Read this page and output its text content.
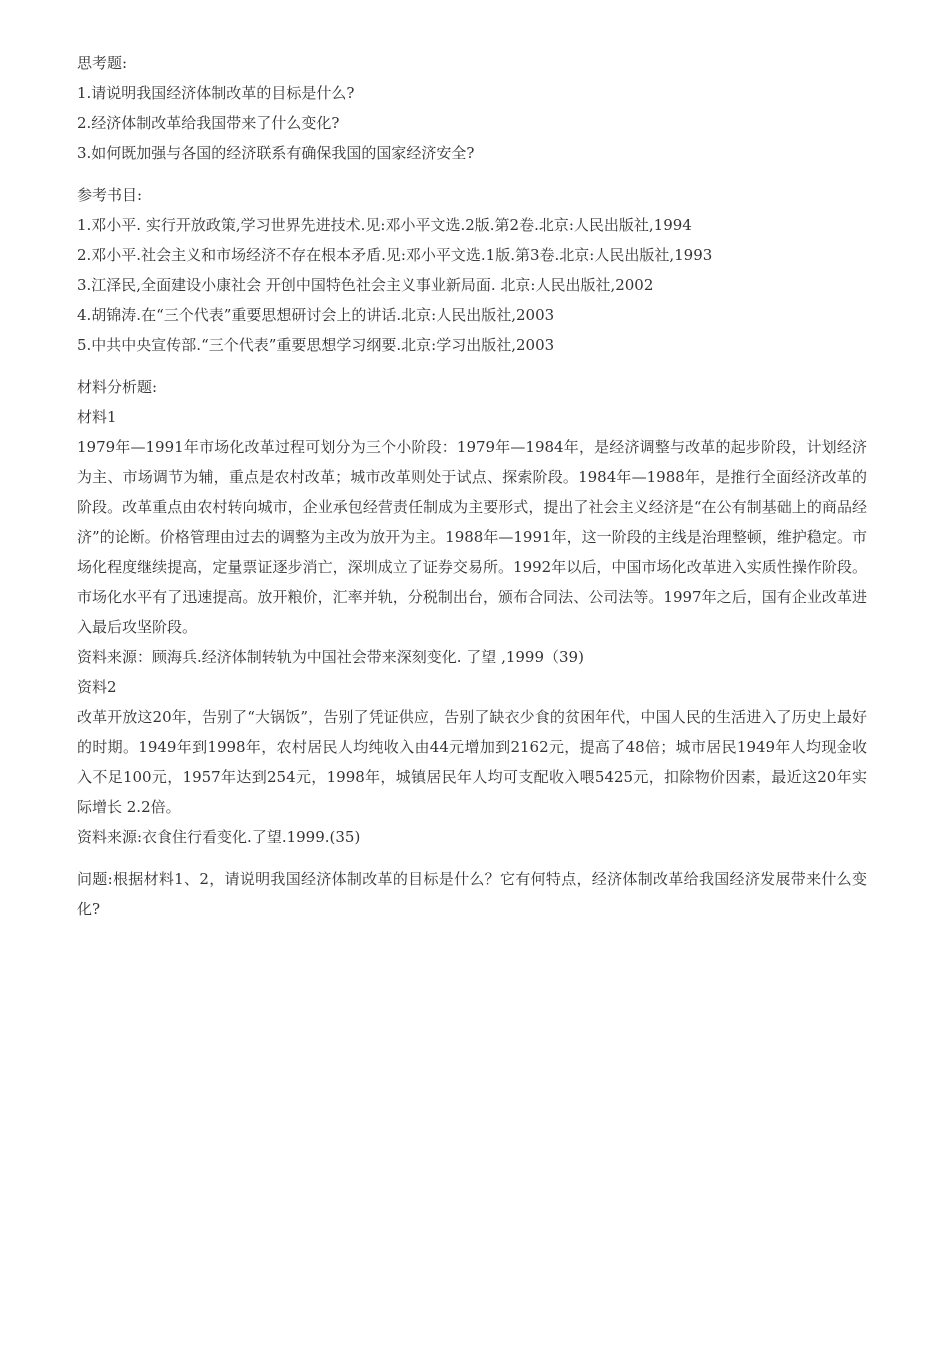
思考题:

1.请说明我国经济体制改革的目标是什么?

2.经济体制改革给我国带来了什么变化?

3.如何既加强与各国的经济联系有确保我国的国家经济安全?

参考书目:

1.邓小平. 实行开放政策,学习世界先进技术.见:邓小平文选.2版.第2卷.北京:人民出版社,1994

2.邓小平.社会主义和市场经济不存在根本矛盾.见:邓小平文选.1版.第3卷.北京:人民出版社,1993

3.江泽民,全面建设小康社会 开创中国特色社会主义事业新局面. 北京:人民出版社,2002

4.胡锦涛.在“三个代表”重要思想研讨会上的讲话.北京:人民出版社,2003

5.中共中央宣传部.“三个代表”重要思想学习纲要.北京:学习出版社,2003

材料分析题:

材料1

1979年—1991年市场化改革过程可划分为三个小阶段：1979年—1984年，是经济调整与改革的起步阶段，计划经济为主、市场调节为辅，重点是农村改革；城市改革则处于试点、探索阶段。1984年—1988年，是推行全面经济改革的阶段。改革重点由农村转向城市，企业承包经营责任制成为主要形式，提出了社会主义经济是“在公有制基础上的商品经济”的论断。价格管理由过去的调整为主改为放开为主。1988年—1991年，这一阶段的主线是治理整顿，维护稳定。市场化程度继续提高，定量票证逐步消亡，深圳成立了证券交易所。1992年以后，中国市场化改革进入实质性操作阶段。市场化水平有了迅速提高。放开粮价，汇率并轨，分税制出台，颁布合同法、公司法等。1997年之后，国有企业改革进入最后攻坚阶段。

资料来源：顾海兵.经济体制转轨为中国社会带来深刻变化. 了望 ,1999（39)

资料2

改革开放这20年，告别了“大锅饭”，告别了凭证供应，告别了缺衣少食的贫困年代，中国人民的生活进入了历史上最好的时期。1949年到1998年，农村居民人均纯收入由44元增加到2162元，提高了48倍；城市居民1949年人均现金收入不足100元，1957年达到254元，1998年，城镇居民年人均可支配收入喂5425元，扣除物价因素，最近这20年实际增长 2.2倍。

资料来源:衣食住行看变化.了望.1999.(35)

问题:根据材料1、2，请说明我国经济体制改革的目标是什么？它有何特点，经济体制改革给我国经济发展带来什么变化?
